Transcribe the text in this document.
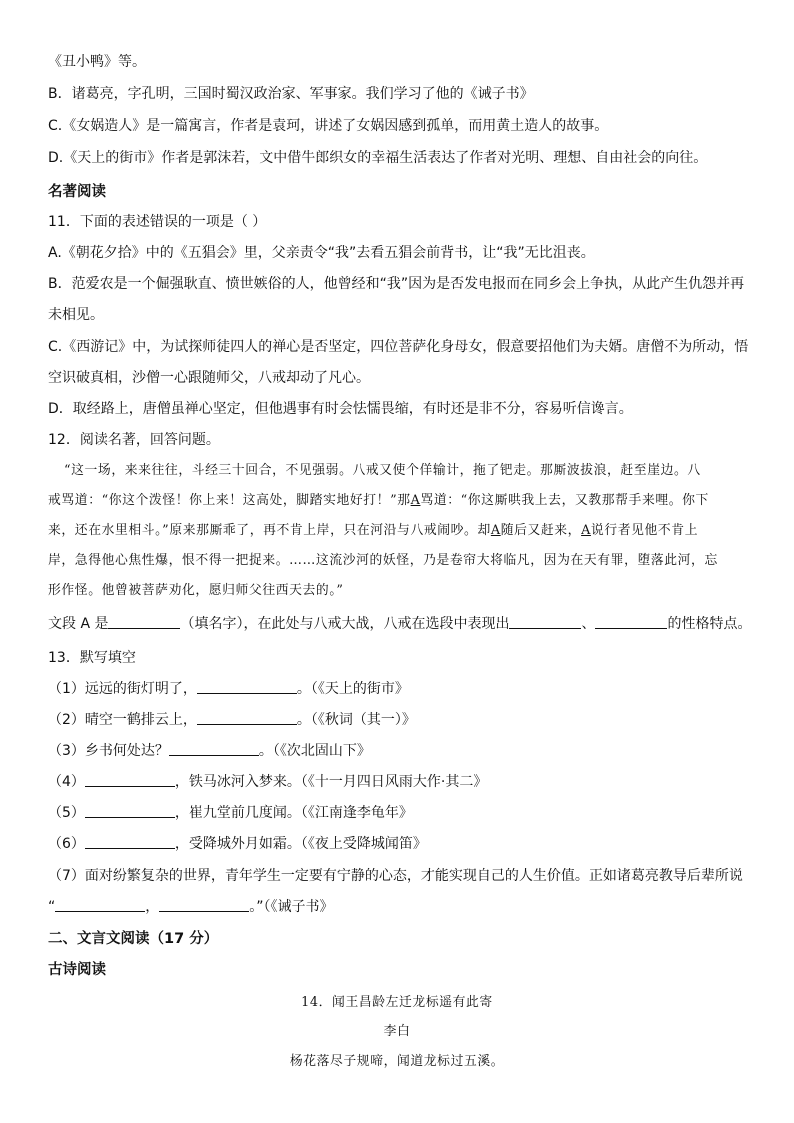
《丑小鸭》等。
B．诸葛亮，字孔明，三国时蜀汉政治家、军事家。我们学习了他的《诫子书》
C.《女娲造人》是一篇寓言，作者是袁珂，讲述了女娲因感到孤单，而用黄土造人的故事。
D.《天上的街市》作者是郭沫若，文中借牛郎织女的幸福生活表达了作者对光明、理想、自由社会的向往。
名著阅读
11．下面的表述错误的一项是（ ）
A.《朝花夕拾》中的《五猖会》里，父亲责令“我”去看五猖会前背书，让“我”无比沮丧。
B．范爱农是一个倔强耿直、愤世嫉俗的人，他曾经和“我”因为是否发电报而在同乡会上争执，从此产生仇怨并再
未相见。
C.《西游记》中，为试探师徒四人的禅心是否坚定，四位菩萨化身母女，假意要招他们为夫婿。唐僧不为所动，悟
空识破真相，沙僧一心跟随师父，八戒却动了凡心。
D．取经路上，唐僧虽禅心坚定，但他遇事有时会怯懦畏缩，有时还是非不分，容易听信谗言。
12．阅读名著，回答问题。
“这一场，来来往往，斗经三十回合，不见强弱。八戒又使个佯输计，拖了钯走。那厮波拔浪，赶至崖边。八
戒骂道：“你这个泼怪！你上来！这高处，脚踏实地好打！”那A骂道：“你这厮哄我上去，又教那帮手来哩。你下
来，还在水里相斗。”原来那厮乖了，再不肯上岸，只在河沿与八戒闹吵。却A随后又赶来，A说行者见他不肯上
岸，急得他心焦性爆，恨不得一把捉来。……这流沙河的妖怪，乃是卷帘大将临凡，因为在天有罪，堕落此河，忘
形作怪。他曾被菩萨劝化，愿归师父往西天去的。”
文段 A 是	（填名字），在此处与八戒大战，八戒在选段中表现出	、	的性格特点。
13．默写填空
（1）远远的街灯明了，	。（《天上的街市》
（2）晴空一鹤排云上，	。（《秋词（其一）》
（3）乡书何处达？	。（《次北固山下》
（4）	，铁马冰河入梦来。（《十一月四日风雨大作·其二》
（5）	，崔九堂前几度闻。（《江南逢李龟年》
（6）	，受降城外月如霜。（《夜上受降城闻笛》
（7）面对纷繁复杂的世界，青年学生一定要有宁静的心态，才能实现自己的人生价值。正如诸葛亮教导后辈所说
“	，	。”（《诫子书》
二、文言文阅读（17 分）
古诗阅读
14．闻王昌龄左迁龙标遥有此寄
李白
杨花落尽子规啼，闻道龙标过五溪。
